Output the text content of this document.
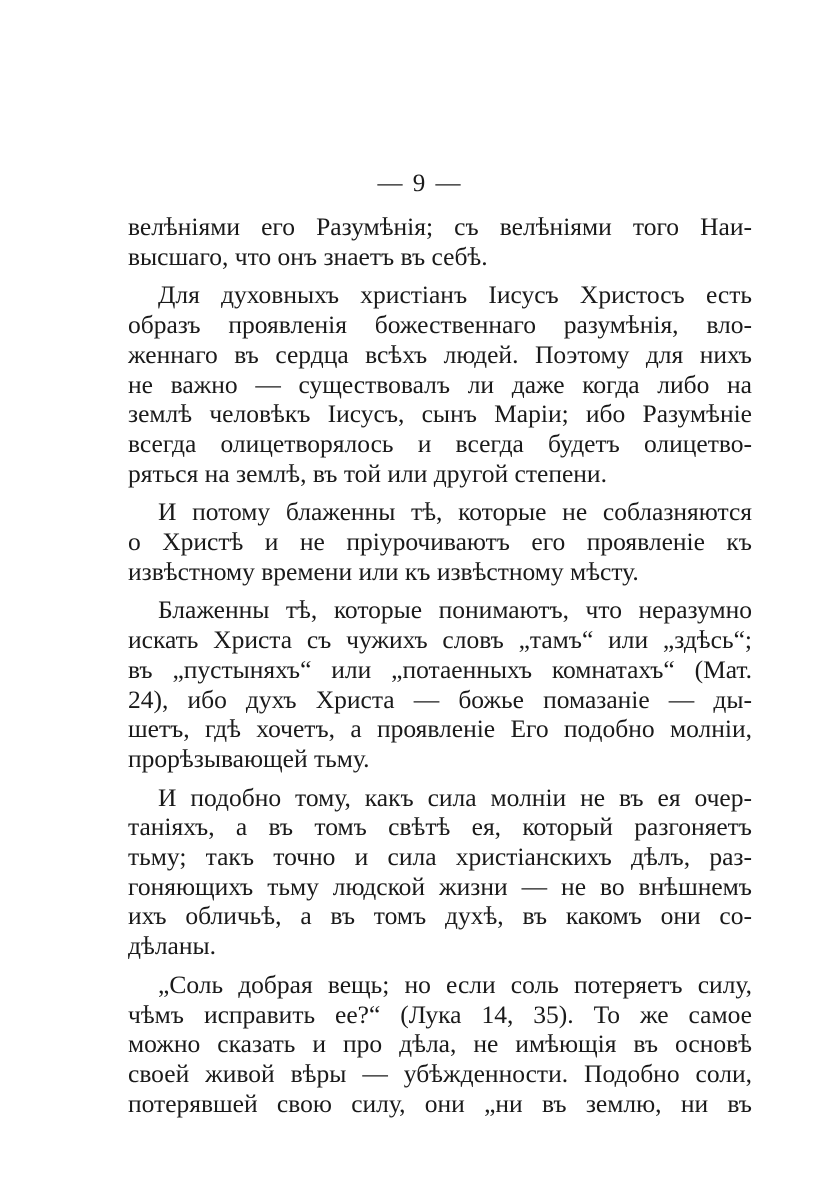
— 9 —
велѣніями его Разумѣнія; съ велѣніями того Наи-
высшаго, что онъ знаетъ въ себѣ.
Для духовныхъ христіанъ Іисусъ Христосъ есть
образъ проявленія божественнаго разумѣнія, вло-
женнаго въ сердца всѣхъ людей. Поэтому для нихъ
не важно — существовалъ ли даже когда либо на
землѣ человѣкъ Іисусъ, сынъ Маріи; ибо Разумѣніе
всегда олицетворялось и всегда будетъ олицетво-
ряться на землѣ, въ той или другой степени.
И потому блаженны тѣ, которые не соблазняются
о Христѣ и не пріурочиваютъ его проявленіе къ
извѣстному времени или къ извѣстному мѣсту.
Блаженны тѣ, которые понимаютъ, что неразумно
искать Христа съ чужихъ словъ „тамъ“ или „здѣсь“;
въ „пустыняхъ“ или „потаенныхъ комнатахъ“ (Мат.
24), ибо духъ Христа — божье помазаніе — ды-
шетъ, гдѣ хочетъ, а проявленіе Его подобно молніи,
прорѣзывающей тьму.
И подобно тому, какъ сила молніи не въ ея очер-
таніяхъ, а въ томъ свѣтѣ ея, который разгоняетъ
тьму; такъ точно и сила христіанскихъ дѣлъ, раз-
гоняющихъ тьму людской жизни — не во внѣшнемъ
ихъ обличьѣ, а въ томъ духѣ, въ какомъ они со-
дѣланы.
„Соль добрая вещь; но если соль потеряетъ силу,
чѣмъ исправить ее?“ (Лука 14, 35). То же самое
можно сказать и про дѣла, не имѣющія въ основѣ
своей живой вѣры — убѣжденности. Подобно соли,
потерявшей свою силу, они „ни въ землю, ни въ
